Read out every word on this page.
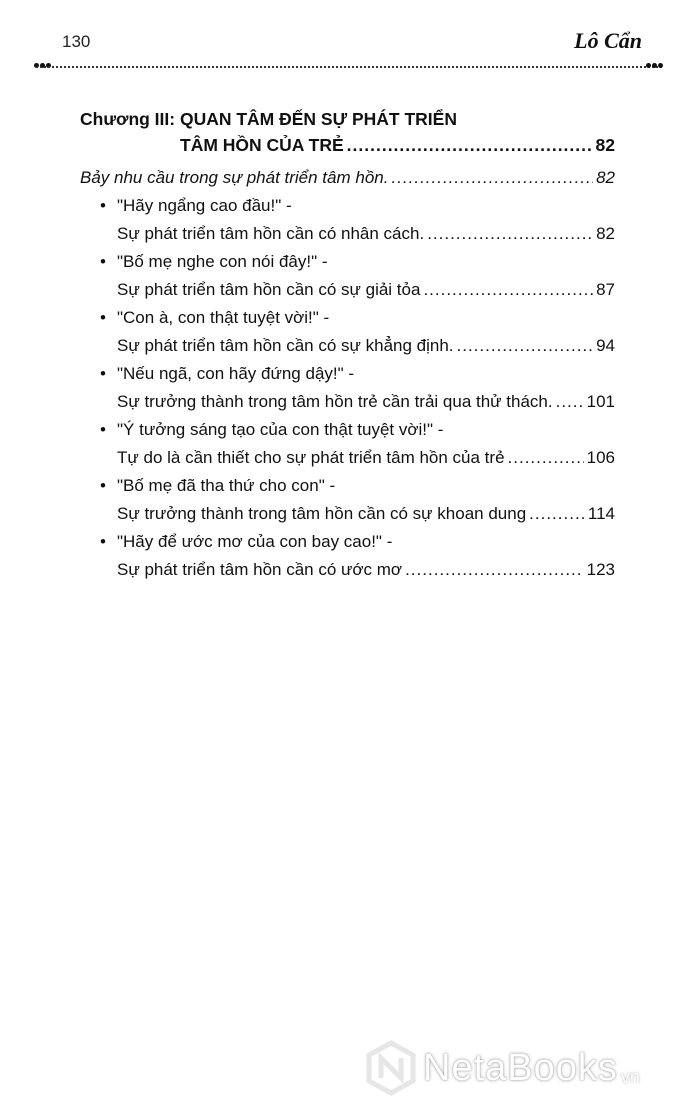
130	Lô Cẩn
Chương III: QUAN TÂM ĐẾN SỰ PHÁT TRIỂN
TÂM HỒN CỦA TRẺ .....	82
Bảy nhu cầu trong sự phát triển tâm hồn. .....	82
• "Hãy ngẩng cao đầu!" -
Sự phát triển tâm hồn cần có nhân cách. .....	82
• "Bố mẹ nghe con nói đây!" -
Sự phát triển tâm hồn cần có sự giải tỏa .....	87
• "Con à, con thật tuyệt vời!" -
Sự phát triển tâm hồn cần có sự khẳng định. .....	94
• "Nếu ngã, con hãy đứng dậy!" -
Sự trưởng thành trong tâm hồn trẻ cần trải qua thử thách. ..... 101
• "Ý tưởng sáng tạo của con thật tuyệt vời!" -
Tự do là cần thiết cho sự phát triển tâm hồn của trẻ .....	106
• "Bố mẹ đã tha thứ cho con" -
Sự trưởng thành trong tâm hồn cần có sự khoan dung .....	114
• "Hãy để ước mơ của con bay cao!" -
Sự phát triển tâm hồn cần có ước mơ .....	123
NetaBooks vn
